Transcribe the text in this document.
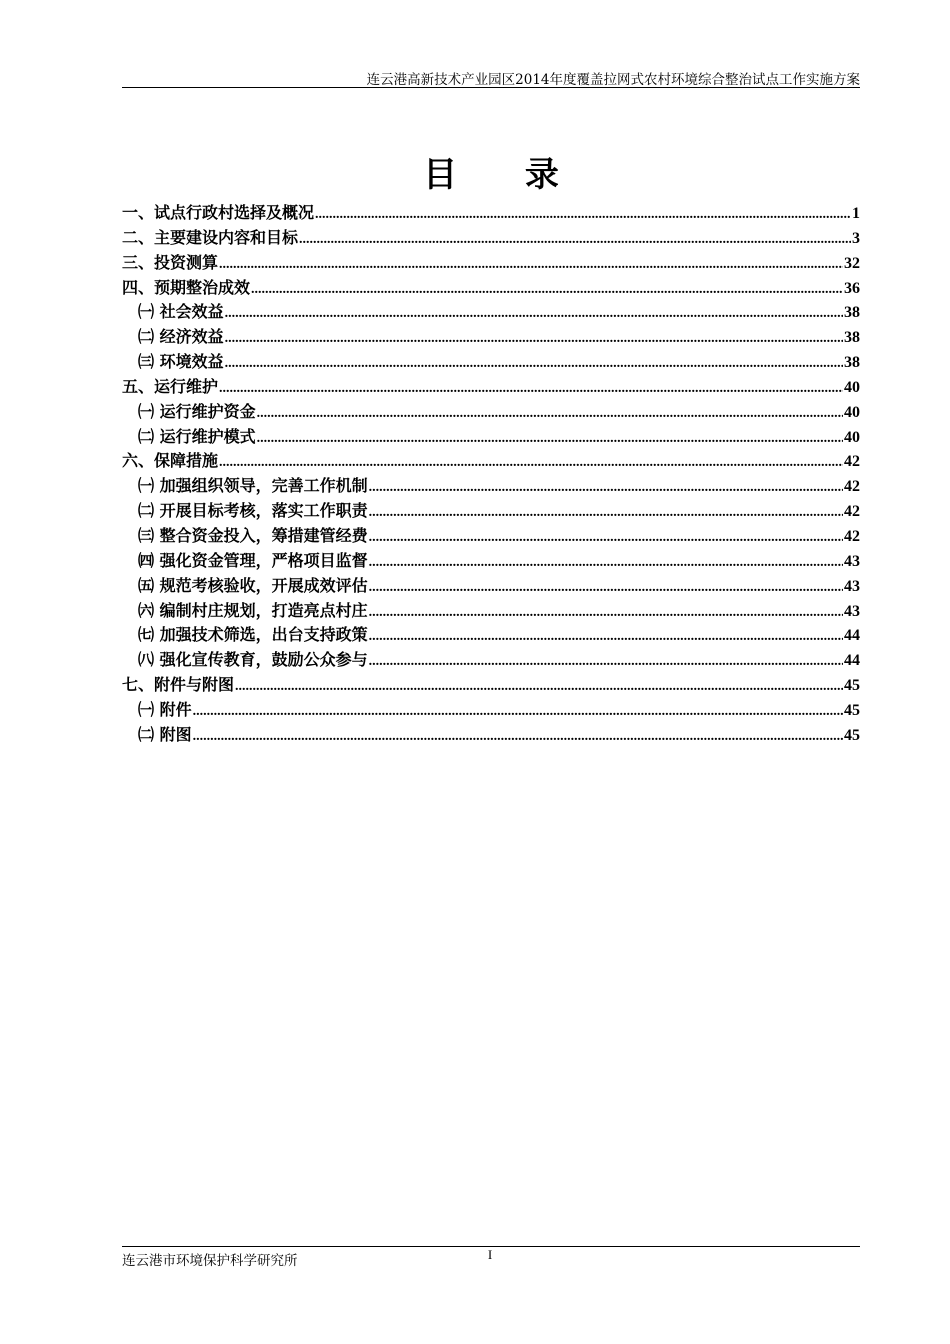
连云港高新技术产业园区2014年度覆盖拉网式农村环境综合整治试点工作实施方案
目 录
一、试点行政村选择及概况 .....	1
二、主要建设内容和目标 .....	3
三、投资测算 .....	32
四、预期整治成效 .....	36
㈠ 社会效益 .....	38
㈡ 经济效益 .....	38
㈢ 环境效益 .....	38
五、运行维护 .....	40
㈠ 运行维护资金 .....	40
㈡ 运行维护模式 .....	40
六、保障措施 .....	42
㈠ 加强组织领导，完善工作机制 .....	42
㈡ 开展目标考核，落实工作职责 .....	42
㈢ 整合资金投入，筹措建管经费 .....	42
㈣ 强化资金管理，严格项目监督 .....	43
㈤ 规范考核验收，开展成效评估 .....	43
㈥ 编制村庄规划，打造亮点村庄 .....	43
㈦ 加强技术筛选，出台支持政策 .....	44
㈧ 强化宣传教育，鼓励公众参与 .....	44
七、附件与附图 .....	45
㈠ 附件 .....	45
㈡ 附图 .....	45
连云港市环境保护科学研究所	I
